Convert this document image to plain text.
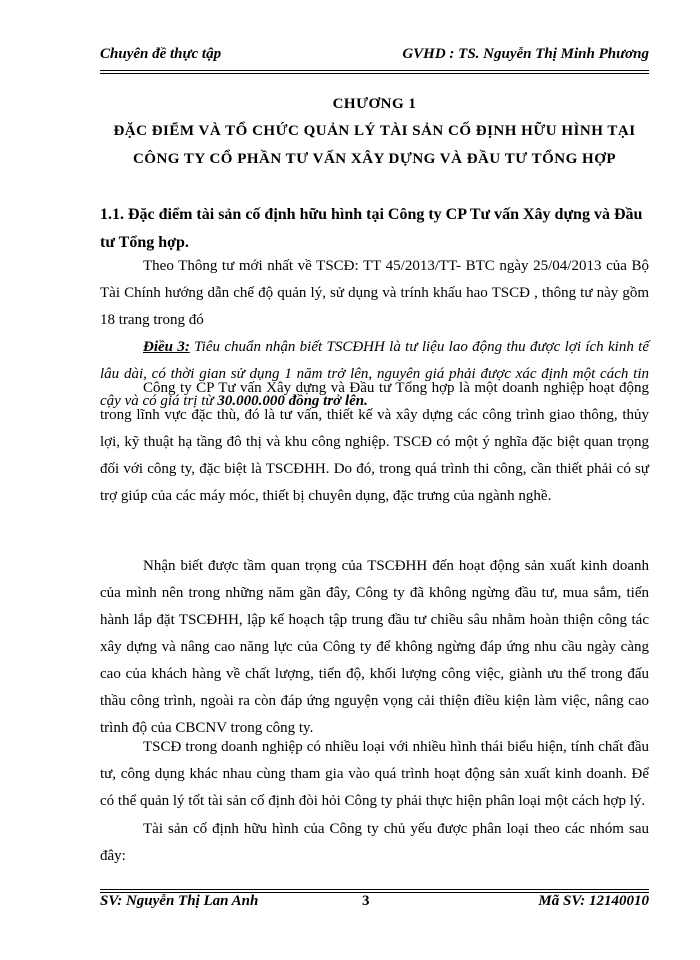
Chuyên đề thực tập	GVHD : TS. Nguyễn Thị Minh Phương
CHƯƠNG 1
ĐẶC ĐIỂM VÀ TỔ CHỨC QUẢN LÝ TÀI SẢN CỐ ĐỊNH HỮU HÌNH TẠI
CÔNG TY CỔ PHẦN TƯ VẤN XÂY DỰNG VÀ ĐẦU TƯ TỔNG HỢP
1.1. Đặc điểm tài sản cố định hữu hình tại Công ty CP Tư vấn Xây dựng và Đầu tư Tổng hợp.

Theo Thông tư mới nhất về TSCĐ: TT 45/2013/TT- BTC ngày 25/04/2013 của Bộ Tài Chính hướng dẫn chế độ quản lý, sử dụng và trính khấu hao TSCĐ , thông tư này gồm 18 trang trong đó

Điều 3: Tiêu chuẩn nhận biết TSCĐHH là tư liệu lao động thu được lợi ích kinh tế lâu dài, có thời gian sử dụng 1 năm trở lên, nguyên giá phải được xác định một cách tin cậy và có giá trị từ 30.000.000 đồng trở lên.

Công ty CP Tư vấn Xây dựng và Đầu tư Tổng hợp là một doanh nghiệp hoạt động trong lĩnh vực đặc thù, đó là tư vấn, thiết kế và xây dựng các công trình giao thông, thủy lợi, kỹ thuật hạ tầng đô thị và khu công nghiệp. TSCĐ có một ý nghĩa đặc biệt quan trọng đối với công ty, đặc biệt là TSCĐHH. Do đó, trong quá trình thi công, cần thiết phải có sự trợ giúp của các máy móc, thiết bị chuyên dụng, đặc trưng của ngành nghề.

Nhận biết được tầm quan trọng của TSCĐHH đến hoạt động sản xuất kinh doanh của mình nên trong những năm gần đây, Công ty đã không ngừng đầu tư, mua sắm, tiến hành lắp đặt TSCĐHH, lập kế hoạch tập trung đầu tư chiều sâu nhằm hoàn thiện công tác xây dựng và nâng cao năng lực của Công ty để không ngừng đáp ứng nhu cầu ngày càng cao của khách hàng về chất lượng, tiến độ, khối lượng công việc, giành ưu thế trong đấu thầu công trình, ngoài ra còn đáp ứng nguyện vọng cải thiện điều kiện làm việc, nâng cao trình độ của CBCNV trong công ty.

TSCĐ trong doanh nghiệp có nhiều loại với nhiều hình thái biểu hiện, tính chất đầu tư, công dụng khác nhau cùng tham gia vào quá trình hoạt động sản xuất kinh doanh. Để có thể quản lý tốt tài sản cố định đòi hỏi Công ty phải thực hiện phân loại một cách hợp lý.

Tài sản cố định hữu hình của Công ty chủ yếu được phân loại theo các nhóm sau đây:

SV: Nguyễn Thị Lan Anh	3	Mã SV: 12140010
